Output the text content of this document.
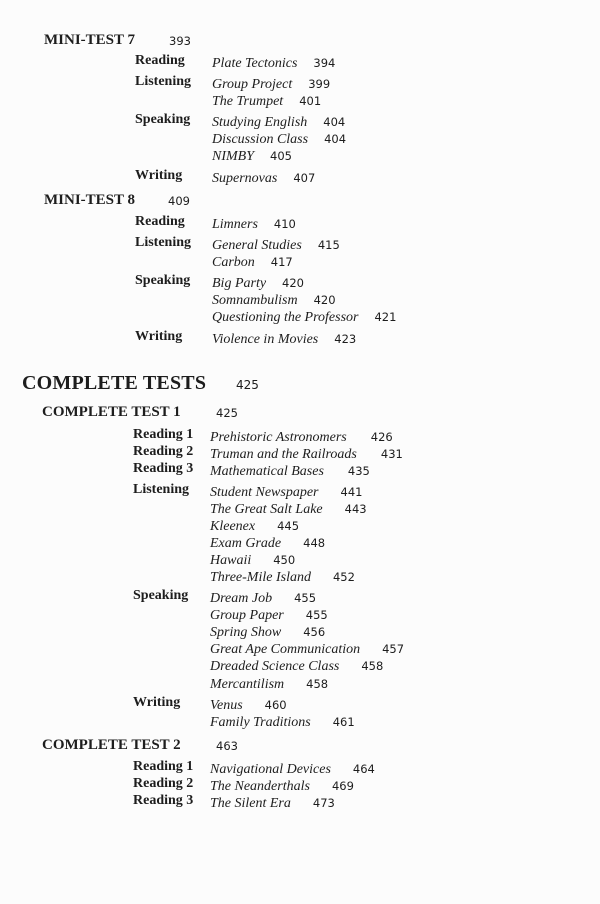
MINI-TEST 7	393
Reading Plate Tectonics 394
Listening Group Project 399
The Trumpet 401
Speaking Studying English 404
Discussion Class 404
NIMBY 405
Writing Supernovas 407
MINI-TEST 8	409
Reading Limners 410
Listening General Studies 415
Carbon 417
Speaking Big Party 420
Somnambulism 420
Questioning the Professor 421
Writing Violence in Movies 423
COMPLETE TESTS 425
COMPLETE TEST 1	425
Reading 1 Prehistoric Astronomers 426
Reading 2 Truman and the Railroads 431
Reading 3 Mathematical Bases 435
Listening Student Newspaper 441
The Great Salt Lake 443
Kleenex 445
Exam Grade 448
Hawaii 450
Three-Mile Island 452
Speaking Dream Job 455
Group Paper 455
Spring Show 456
Great Ape Communication 457
Dreaded Science Class 458
Mercantilism 458
Writing Venus 460
Family Traditions 461
COMPLETE TEST 2	463
Reading 1 Navigational Devices 464
Reading 2 The Neanderthals 469
Reading 3 The Silent Era 473
